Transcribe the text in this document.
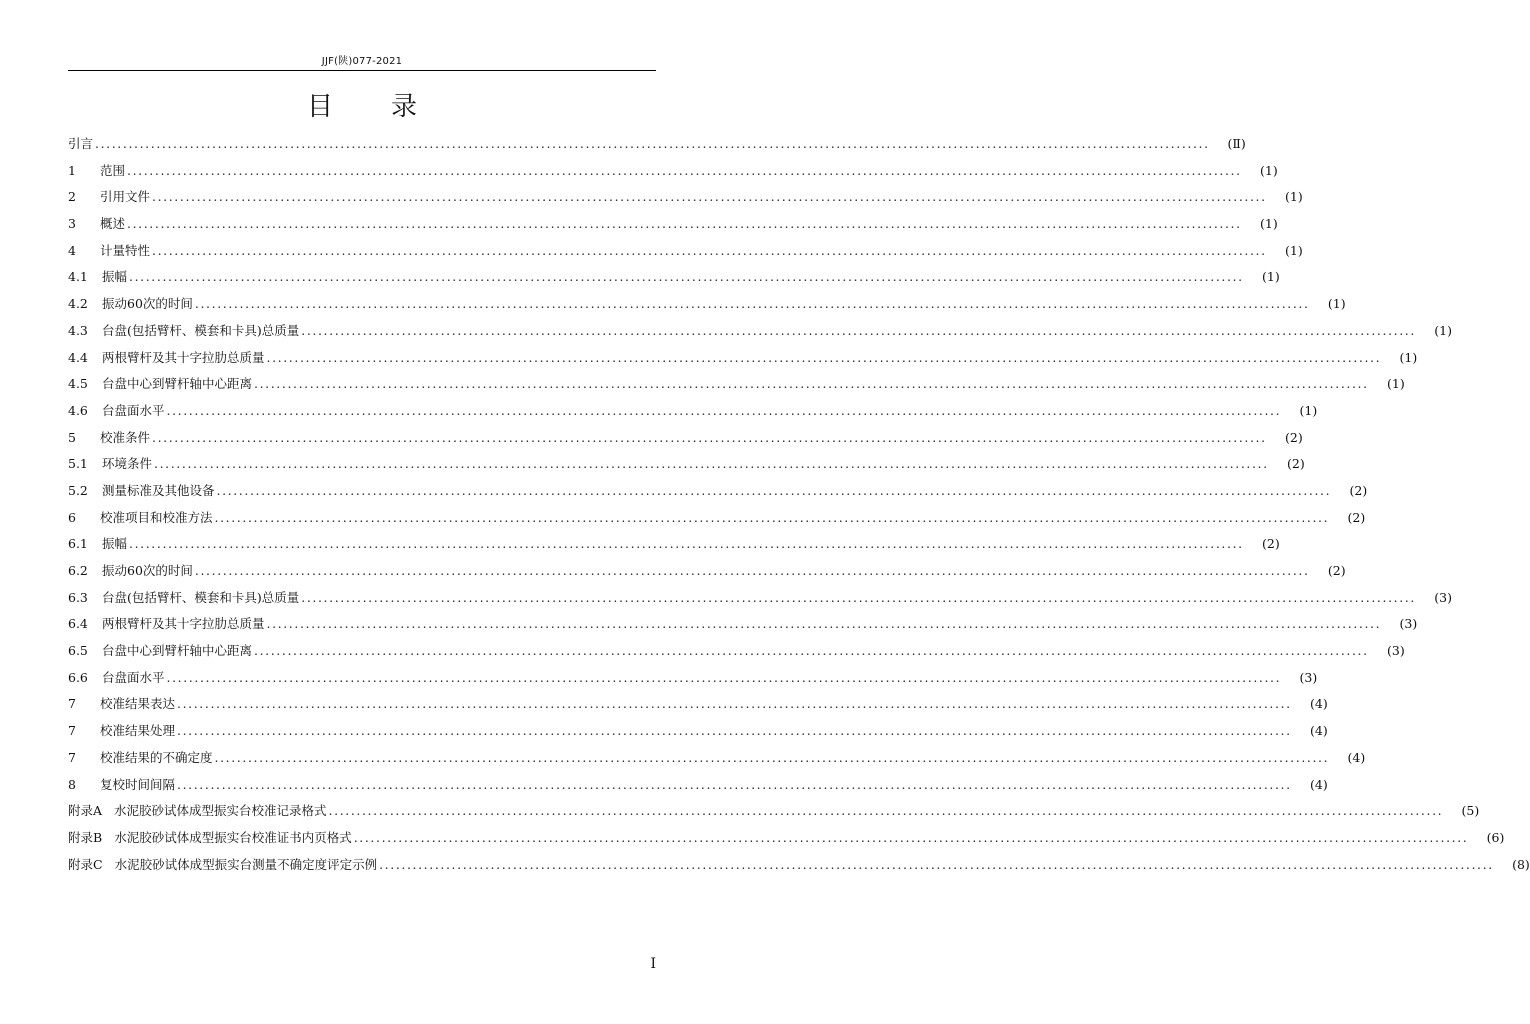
JJF(陕)077-2021
目录
引言 ........................................................................................................................................................................................................	(Ⅱ)
1	范围 ........................................................................................................................................................................................................	(1)
2	引用文件 ........................................................................................................................................................................................................	(1)
3	概述 ........................................................................................................................................................................................................	(1)
4	计量特性 ........................................................................................................................................................................................................	(1)
4.1 振幅 ........................................................................................................................................................................................................	(1)
4.2 振动60次的时间 ........................................................................................................................................................................................................	(1)
4.3 台盘(包括臂杆、模套和卡具)总质量 ........................................................................................................................................................................................................	(1)
4.4 两根臂杆及其十字拉肋总质量 ........................................................................................................................................................................................................	(1)
4.5 台盘中心到臂杆轴中心距离 ........................................................................................................................................................................................................	(1)
4.6 台盘面水平 ........................................................................................................................................................................................................	(1)
5	校准条件 ........................................................................................................................................................................................................	(2)
5.1 环境条件 ........................................................................................................................................................................................................	(2)
5.2 测量标准及其他设备 ........................................................................................................................................................................................................	(2)
6	校准项目和校准方法 ........................................................................................................................................................................................................	(2)
6.1 振幅 ........................................................................................................................................................................................................	(2)
6.2 振动60次的时间 ........................................................................................................................................................................................................	(2)
6.3 台盘(包括臂杆、模套和卡具)总质量 ........................................................................................................................................................................................................	(3)
6.4 两根臂杆及其十字拉肋总质量 ........................................................................................................................................................................................................	(3)
6.5 台盘中心到臂杆轴中心距离 ........................................................................................................................................................................................................	(3)
6.6 台盘面水平 ........................................................................................................................................................................................................	(3)
7	校准结果表达 ........................................................................................................................................................................................................	(4)
7	校准结果处理 ........................................................................................................................................................................................................	(4)
7	校准结果的不确定度 ........................................................................................................................................................................................................	(4)
8	复校时间间隔 ........................................................................................................................................................................................................	(4)
附录A 水泥胶砂试体成型振实台校准记录格式 ........................................................................................................................................................................................................	(5)
附录B 水泥胶砂试体成型振实台校准证书内页格式 ........................................................................................................................................................................................................	(6)
附录C 水泥胶砂试体成型振实台测量不确定度评定示例 ........................................................................................................................................................................................................	(8)
I
